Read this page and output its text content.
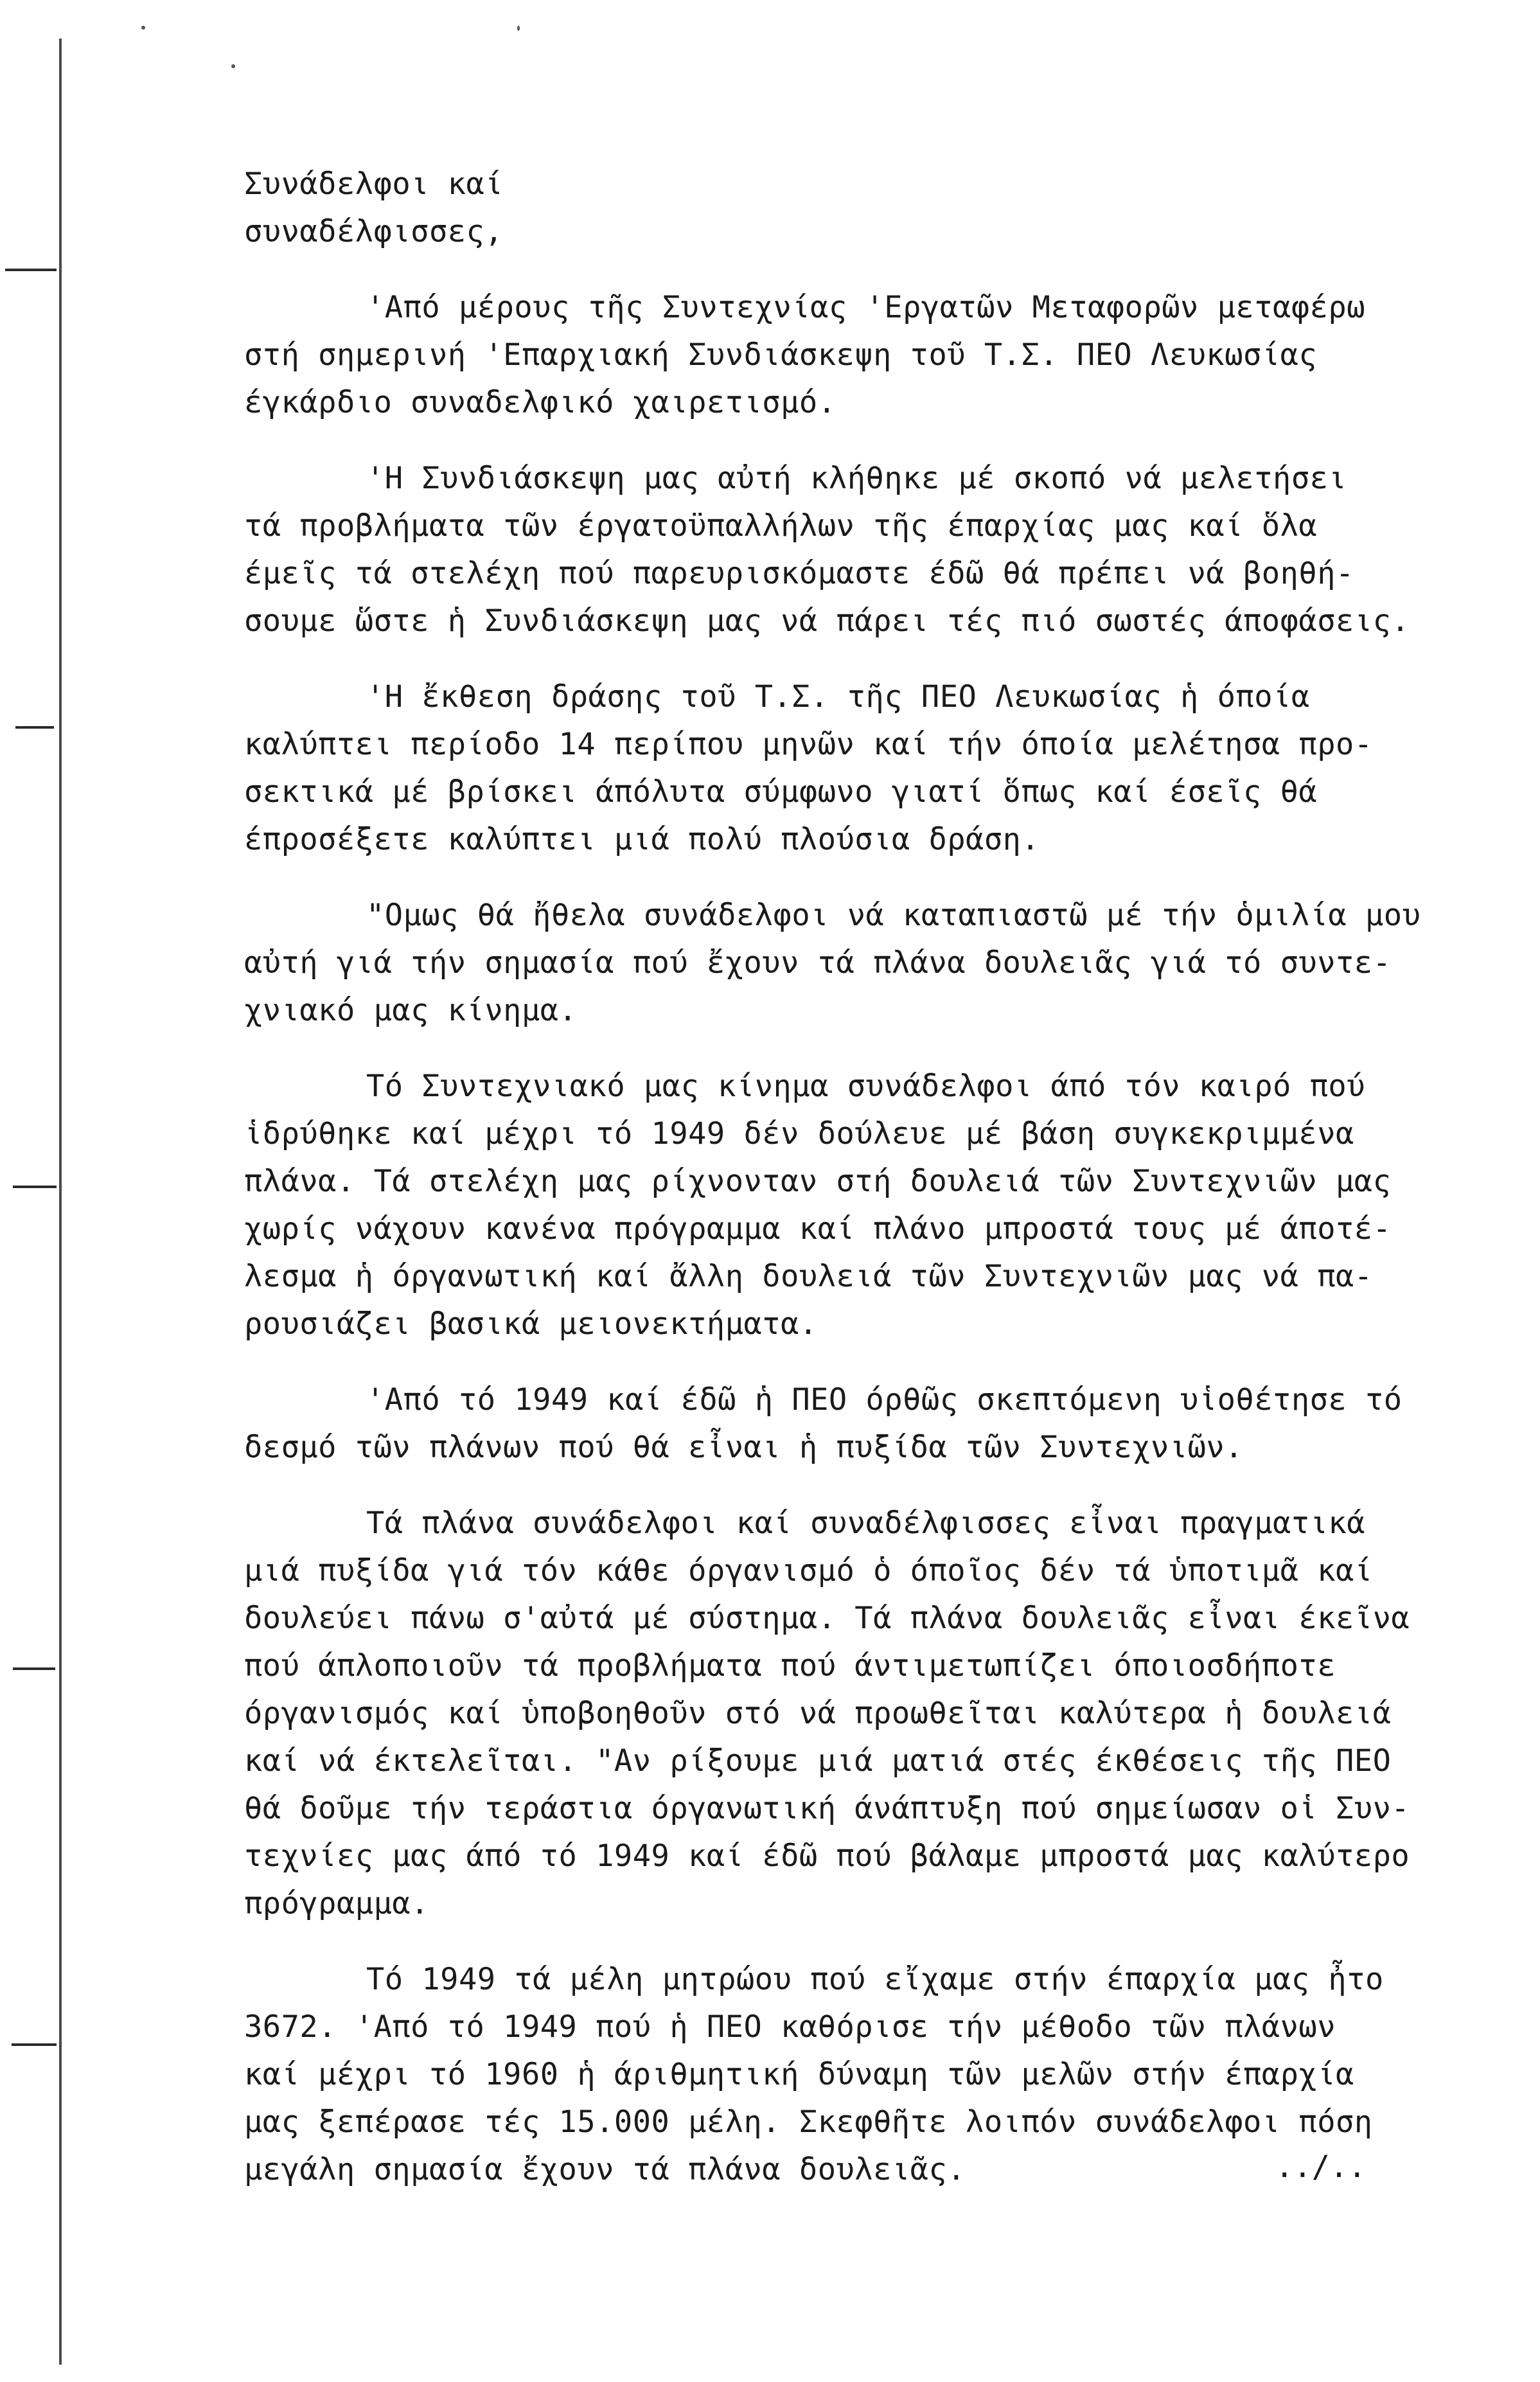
Συνάδελφοι καί
συναδέλφισσες,
'Από μέρους τῆς Συντεχνίας 'Εργατῶν Μεταφορῶν μεταφέρω
στή σημερινή 'Επαρχιακή Συνδιάσκεψη τοῦ Τ.Σ. ΠΕΟ Λευκωσίας
έγκάρδιο συναδελφικό χαιρετισμό.
'Η Συνδιάσκεψη μας αὐτή κλήθηκε μέ σκοπό νά μελετήσει
τά προβλήματα τῶν έργατοϋπαλλήλων τῆς έπαρχίας μας καί ὅλα
έμεῖς τά στελέχη πού παρευρισκόμαστε έδῶ θά πρέπει νά βοηθή-
σουμε ὥστε ἡ Συνδιάσκεψη μας νά πάρει τές πιό σωστές άποφάσεις.
'Η ἔκθεση δράσης τοῦ Τ.Σ. τῆς ΠΕΟ Λευκωσίας ἡ όποία
καλύπτει περίοδο 14 περίπου μηνῶν καί τήν όποία μελέτησα προ-
σεκτικά μέ βρίσκει άπόλυτα σύμφωνο γιατί ὅπως καί έσεῖς θά
έπροσέξετε καλύπτει μιά πολύ πλούσια δράση.
"Ομως θά ἤθελα συνάδελφοι νά καταπιαστῶ μέ τήν ὁμιλία μου
αὐτή γιά τήν σημασία πού ἔχουν τά πλάνα δουλειᾶς γιά τό συντε-
χνιακό μας κίνημα.
Τό Συντεχνιακό μας κίνημα συνάδελφοι άπό τόν καιρό πού
ἱδρύθηκε καί μέχρι τό 1949 δέν δούλευε μέ βάση συγκεκριμμένα
πλάνα. Τά στελέχη μας ρίχνονταν στή δουλειά τῶν Συντεχνιῶν μας
χωρίς νάχουν κανένα πρόγραμμα καί πλάνο μπροστά τους μέ άποτέ-
λεσμα ἡ όργανωτική καί ἄλλη δουλειά τῶν Συντεχνιῶν μας νά πα-
ρουσιάζει βασικά μειονεκτήματα.
'Από τό 1949 καί έδῶ ἡ ΠΕΟ όρθῶς σκεπτόμενη υἱοθέτησε τό
δεσμό τῶν πλάνων πού θά εἶναι ἡ πυξίδα τῶν Συντεχνιῶν.
Τά πλάνα συνάδελφοι καί συναδέλφισσες εἶναι πραγματικά
μιά πυξίδα γιά τόν κάθε όργανισμό ὁ όποῖος δέν τά ὑποτιμᾶ καί
δουλεύει πάνω σ'αὐτά μέ σύστημα. Τά πλάνα δουλειᾶς εἶναι έκεῖνα
πού άπλοποιοῦν τά προβλήματα πού άντιμετωπίζει όποιοσδήποτε
όργανισμός καί ὑποβοηθοῦν στό νά προωθεῖται καλύτερα ἡ δουλειά
καί νά έκτελεῖται. "Αν ρίξουμε μιά ματιά στές έκθέσεις τῆς ΠΕΟ
θά δοῦμε τήν τεράστια όργανωτική άνάπτυξη πού σημείωσαν οἱ Συν-
τεχνίες μας άπό τό 1949 καί έδῶ πού βάλαμε μπροστά μας καλύτερο
πρόγραμμα.
Τό 1949 τά μέλη μητρώου πού εἴχαμε στήν έπαρχία μας ἦτο
3672. 'Από τό 1949 πού ἡ ΠΕΟ καθόρισε τήν μέθοδο τῶν πλάνων
καί μέχρι τό 1960 ἡ άριθμητική δύναμη τῶν μελῶν στήν έπαρχία
μας ξεπέρασε τές 15.000 μέλη. Σκεφθῆτε λοιπόν συνάδελφοι πόση
μεγάλη σημασία ἔχουν τά πλάνα δουλειᾶς.	../..
